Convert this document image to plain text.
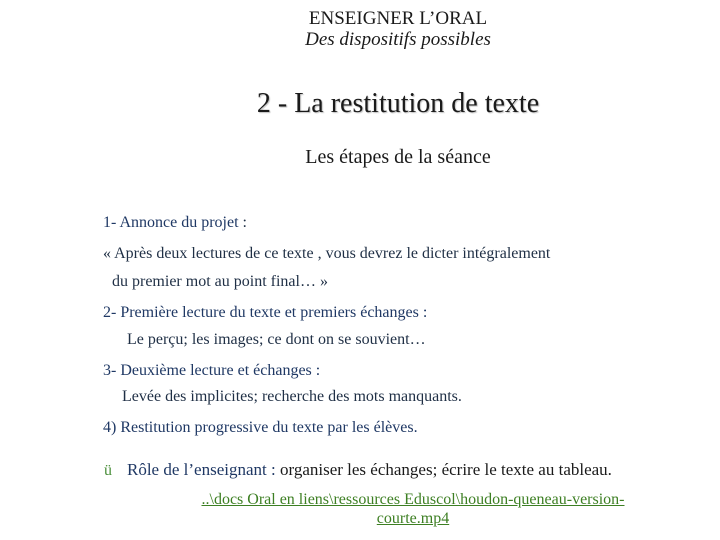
ENSEIGNER L’ORAL
Des dispositifs possibles
2 - La restitution de texte
Les étapes de la séance
1- Annonce du projet :
« Après deux lectures de ce texte , vous devrez le dicter intégralement
du premier mot au point final… »
2- Première lecture du texte et premiers échanges :
Le perçu; les images; ce dont on se souvient…
3- Deuxième lecture et échanges :
Levée des implicites; recherche des mots manquants.
4) Restitution progressive du texte par les élèves.
ü Rôle de l’enseignant : organiser les échanges; écrire le texte au tableau.
..\docs Oral en liens\ressources Eduscol\houdon-queneau-version-
courte.mp4
